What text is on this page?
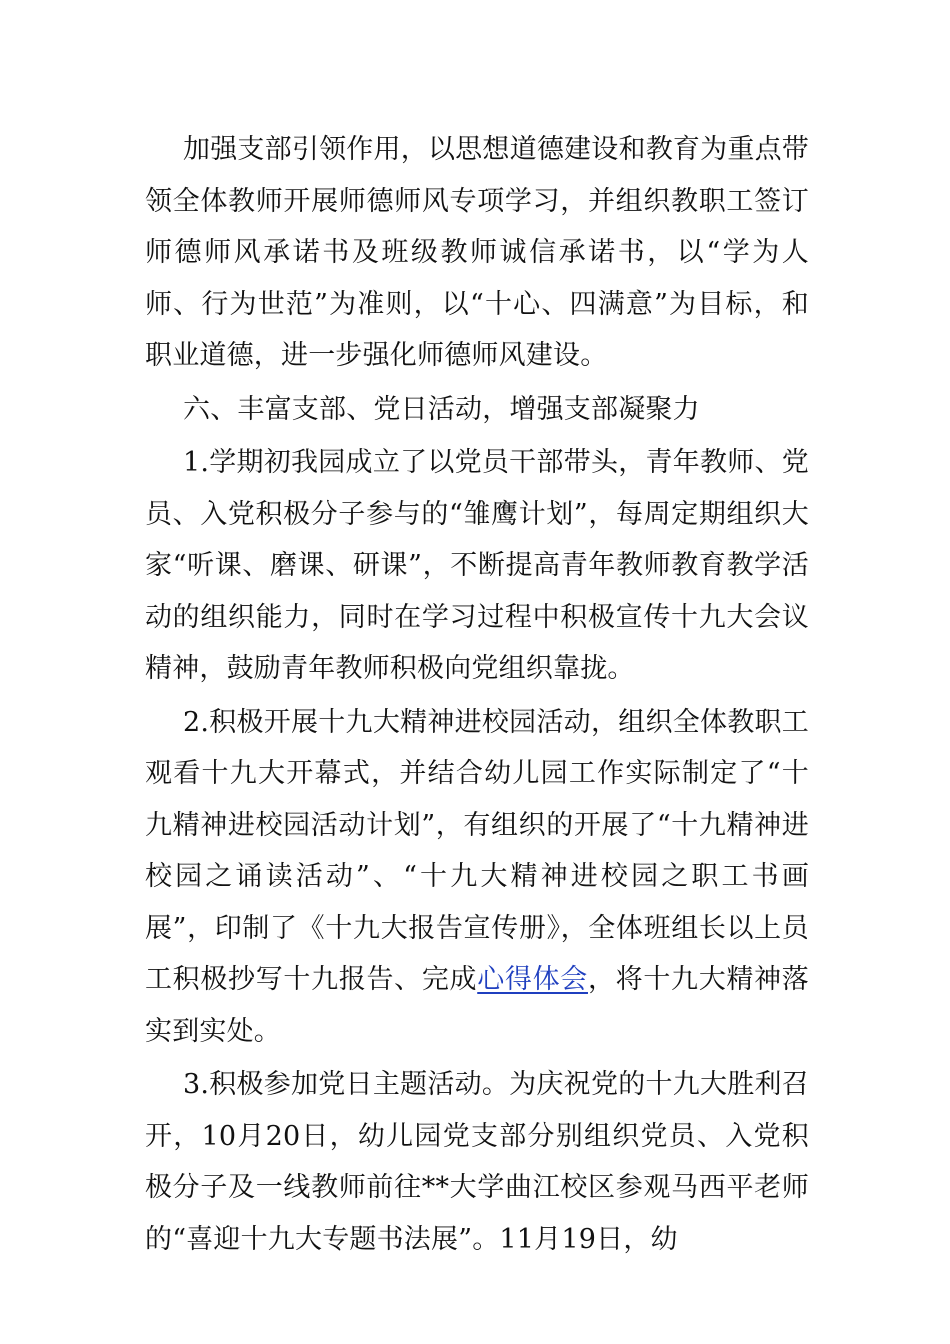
加强支部引领作用，以思想道德建设和教育为重点带领全体教师开展师德师风专项学习，并组织教职工签订师德师风承诺书及班级教师诚信承诺书，以“学为人师、行为世范”为准则，以“十心、四满意”为目标，和职业道德，进一步强化师德师风建设。

六、丰富支部、党日活动，增强支部凝聚力

1.学期初我园成立了以党员干部带头，青年教师、党员、入党积极分子参与的“雏鹰计划”，每周定期组织大家“听课、磨课、研课”，不断提高青年教师教育教学活动的组织能力，同时在学习过程中积极宣传十九大会议精神，鼓励青年教师积极向党组织靠拢。

2.积极开展十九大精神进校园活动，组织全体教职工观看十九大开幕式，并结合幼儿园工作实际制定了“十九精神进校园活动计划”，有组织的开展了“十九精神进校园之诵读活动”、“十九大精神进校园之职工书画展”，印制了《十九大报告宣传册》，全体班组长以上员工积极抄写十九报告、完成心得体会，将十九大精神落实到实处。

3.积极参加党日主题活动。为庆祝党的十九大胜利召开，10月20日，幼儿园党支部分别组织党员、入党积极分子及一线教师前往**大学曲江校区参观马西平老师的“喜迎十九大专题书法展”。11月19日，幼
